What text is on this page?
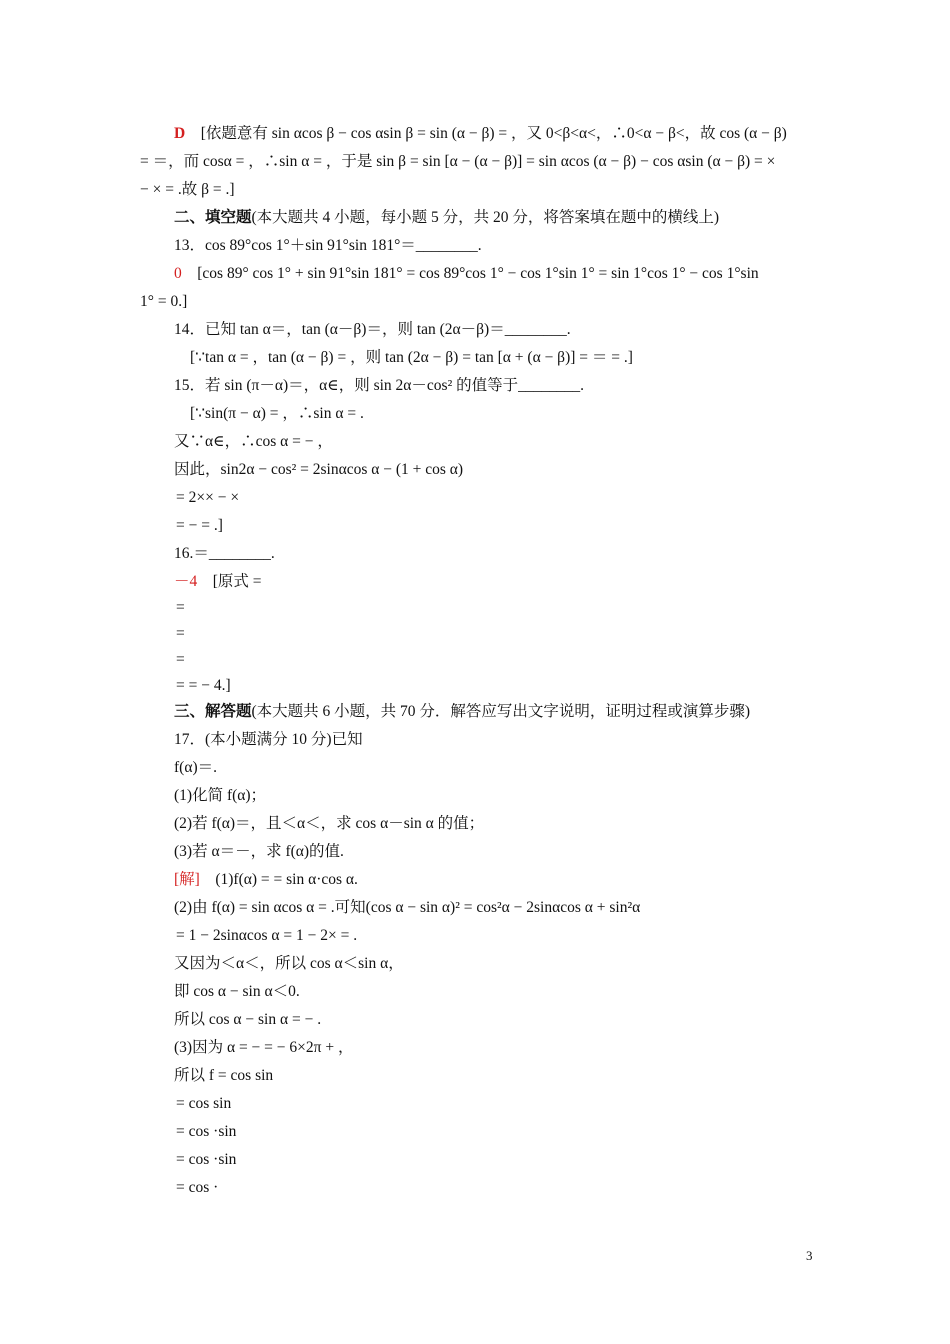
D　[依题意有 sin αcos β − cos αsin β = sin (α − β) = ，又 0<β<α<，∴0<α − β<，故 cos (α − β)
= ＝，而 cosα = ，∴sin α = ，于是 sin β = sin [α − (α − β)] = sin αcos (α − β) − cos αsin (α − β) = ×
− × = .故 β = .]
二、填空题(本大题共 4 小题，每小题 5 分，共 20 分，将答案填在题中的横线上)
13．cos 89°cos 1°＋sin 91°sin 181°＝________.
0　[cos 89° cos 1° + sin 91°sin 181° = cos 89°cos 1° − cos 1°sin 1° = sin 1°cos 1° − cos 1°sin
1° = 0.]
14．已知 tan α＝，tan (α－β)＝，则 tan (2α－β)＝________.
[∵tan α = ，tan (α − β) = ，则 tan (2α − β) = tan [α + (α − β)] = ＝ = .]
15．若 sin (π－α)＝，α∈，则 sin 2α－cos² 的值等于________.
[∵sin(π − α) = ，∴sin α = .
又∵α∈，∴cos α = − ，
因此，sin2α − cos² = 2sinαcos α − (1 + cos α)
= 2×× − ×
= − = .]
16.＝________.
－4　[原式 =
=
=
=
= = − 4.]
三、解答题(本大题共 6 小题，共 70 分．解答应写出文字说明，证明过程或演算步骤)
17．(本小题满分 10 分)已知
f(α)＝.
(1)化简 f(α)；
(2)若 f(α)＝，且＜α＜，求 cos α－sin α 的值；
(3)若 α＝－，求 f(α)的值.
[解]　(1)f(α) = = sin α·cos α.
(2)由 f(α) = sin αcos α = .可知(cos α − sin α)² = cos²α − 2sinαcos α + sin²α
= 1 − 2sinαcos α = 1 − 2× = .
又因为＜α＜，所以 cos α＜sin α，
即 cos α − sin α＜0.
所以 cos α − sin α = − .
(3)因为 α = − = − 6×2π + ，
所以 f = cos sin
= cos sin
= cos ·sin
= cos ·sin
= cos ·
3
